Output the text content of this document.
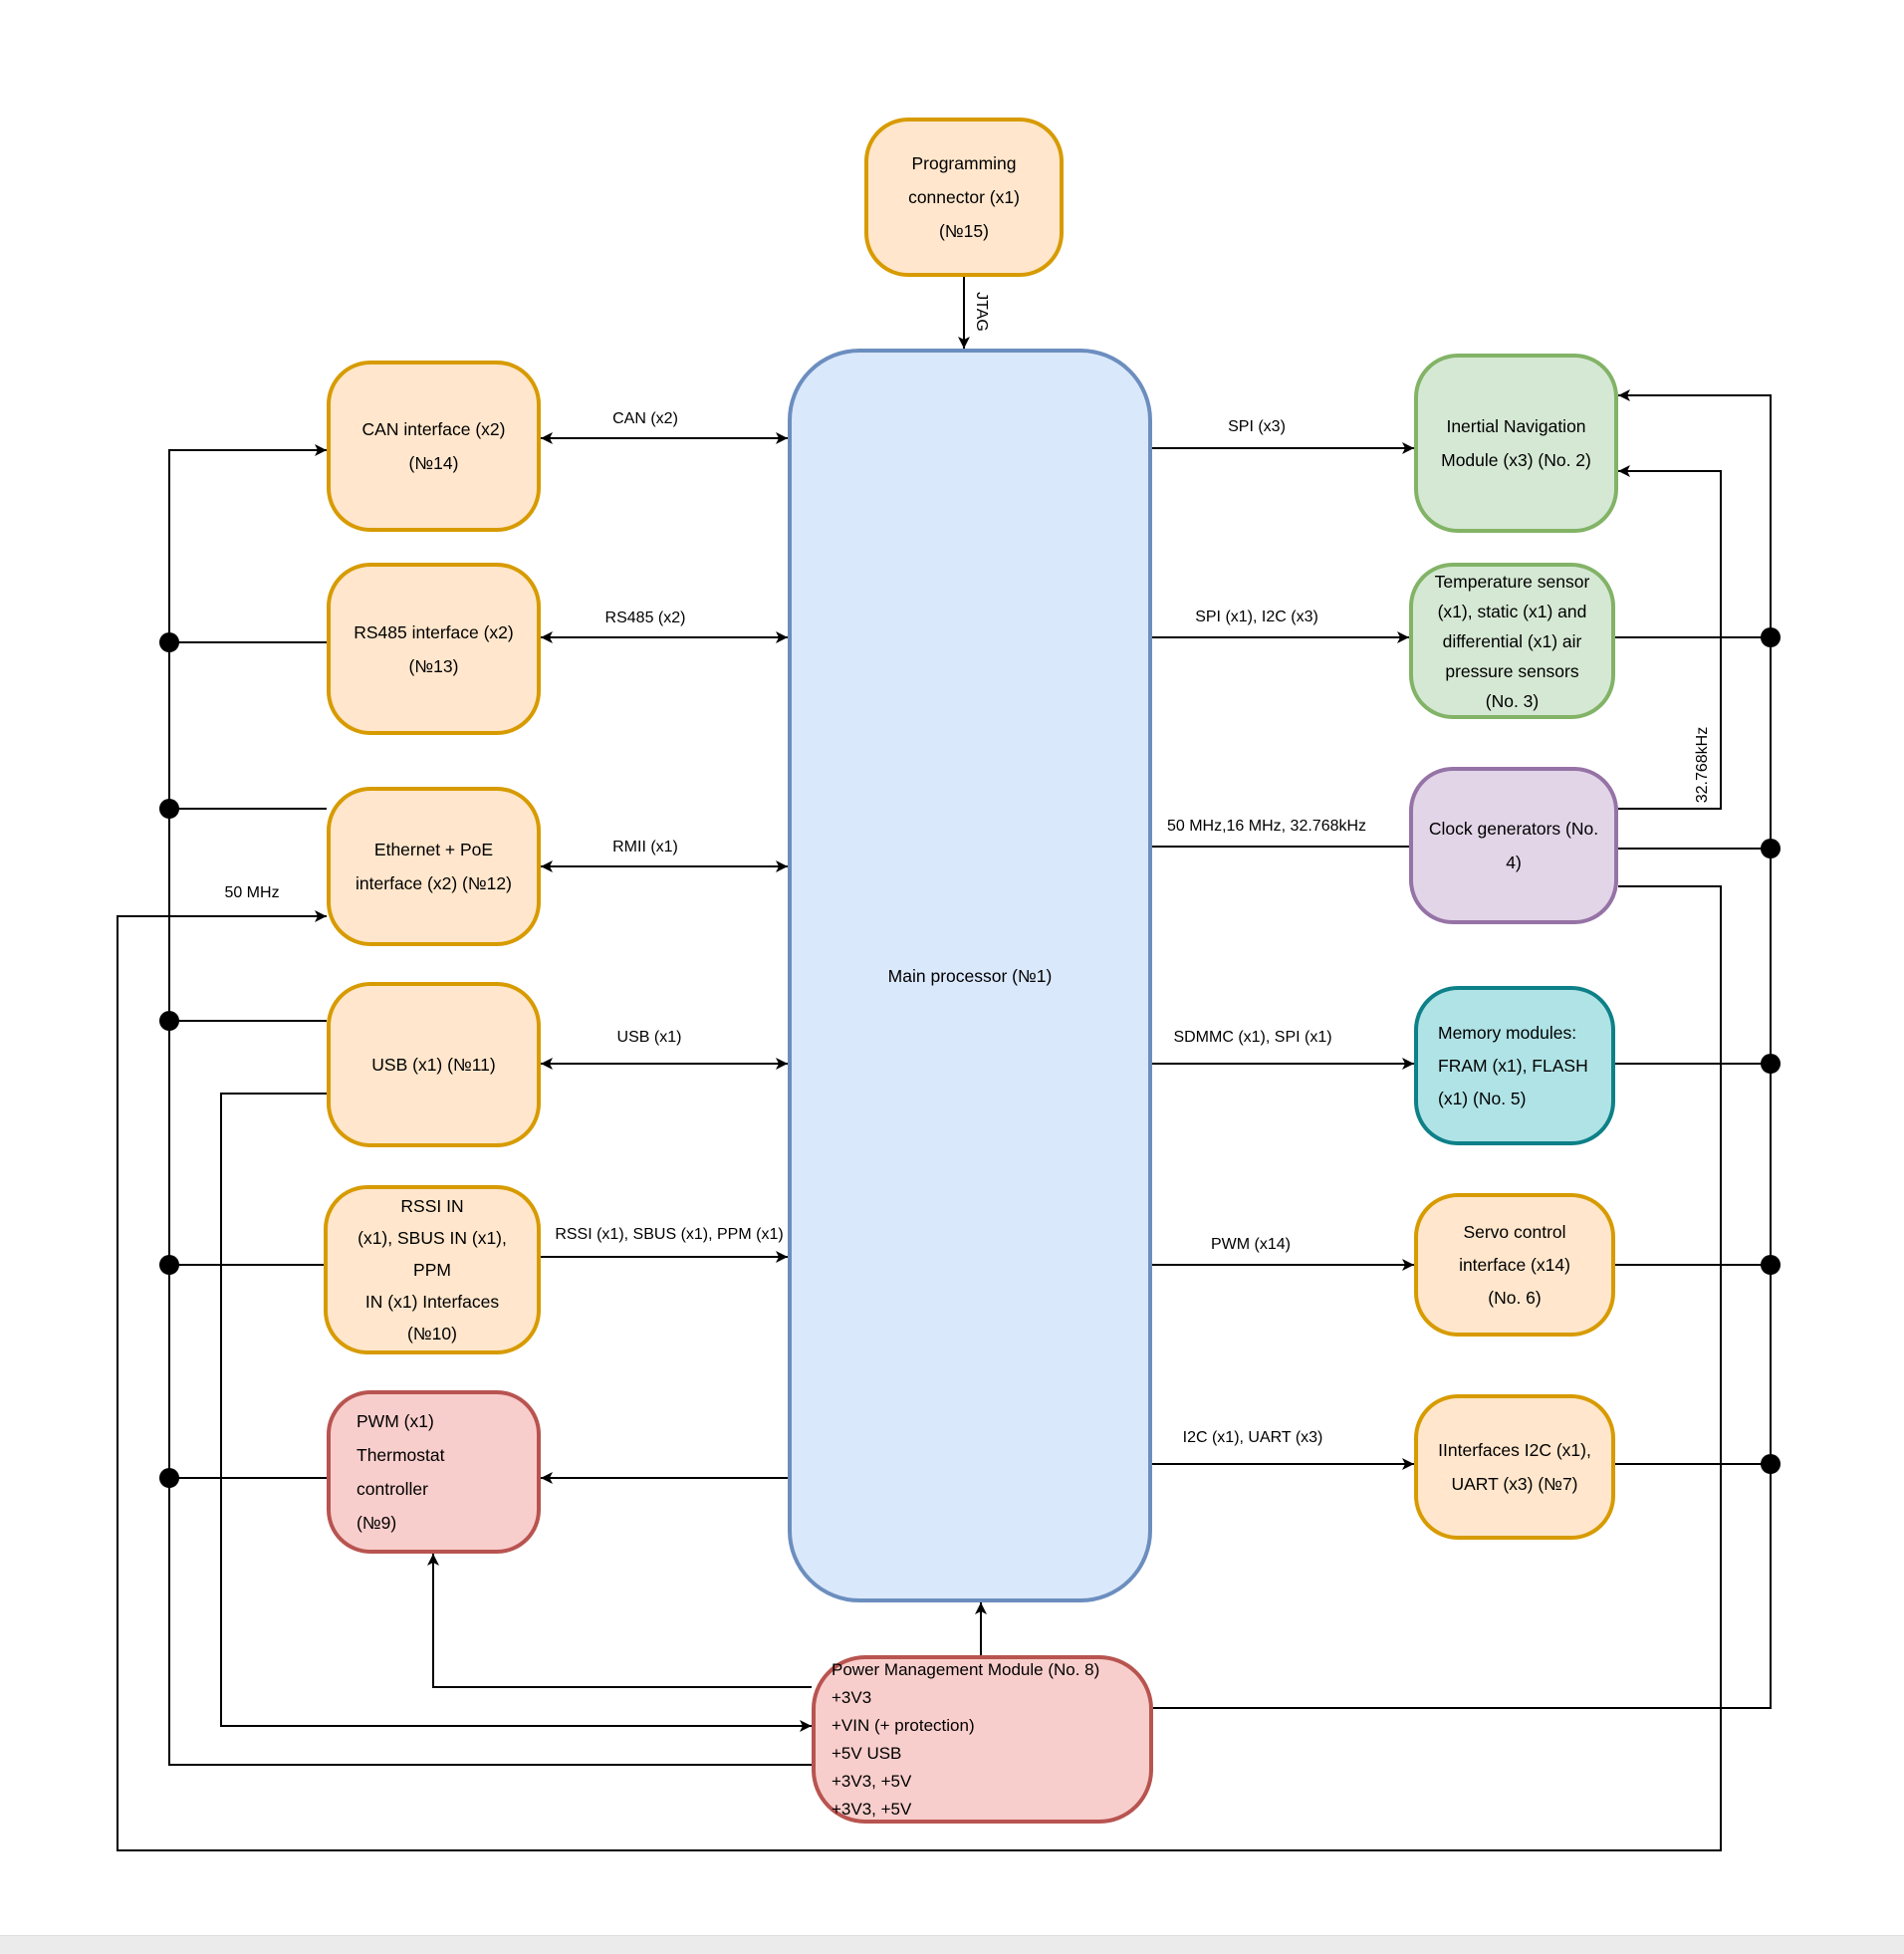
Programming
connector (x1)
(№15)
Main processor (№1)
CAN interface (x2)
(№14)
RS485 interface (x2)
(№13)
Ethernet + PoE
interface (x2) (№12)
USB (x1) (№11)
RSSI IN
(x1), SBUS IN (x1),
PPM
IN (x1) Interfaces
(№10)
PWM (x1)
Thermostat
controller
(№9)
Inertial Navigation
Module (x3) (No. 2)
Temperature sensor
(x1), static (x1) and
differential (x1) air
pressure sensors
(No. 3)
Clock generators (No.
4)
Memory modules:
FRAM (x1), FLASH
(x1) (No. 5)
Servo control
interface (x14)
(No. 6)
IInterfaces I2C (x1),
UART (x3) (№7)
Power Management Module (No. 8)
+3V3
+VIN (+ protection)
+5V USB
+3V3, +5V
+3V3, +5V
JTAG
CAN (x2)
RS485 (x2)
RMII (x1)
USB (x1)
RSSI (x1), SBUS (x1), PPM (x1)
50 MHz
SPI (x3)
SPI (x1), I2C (x3)
50 MHz,16 MHz, 32.768kHz
SDMMC (x1), SPI (x1)
PWM (x14)
I2C (x1), UART (x3)
32.768kHz
